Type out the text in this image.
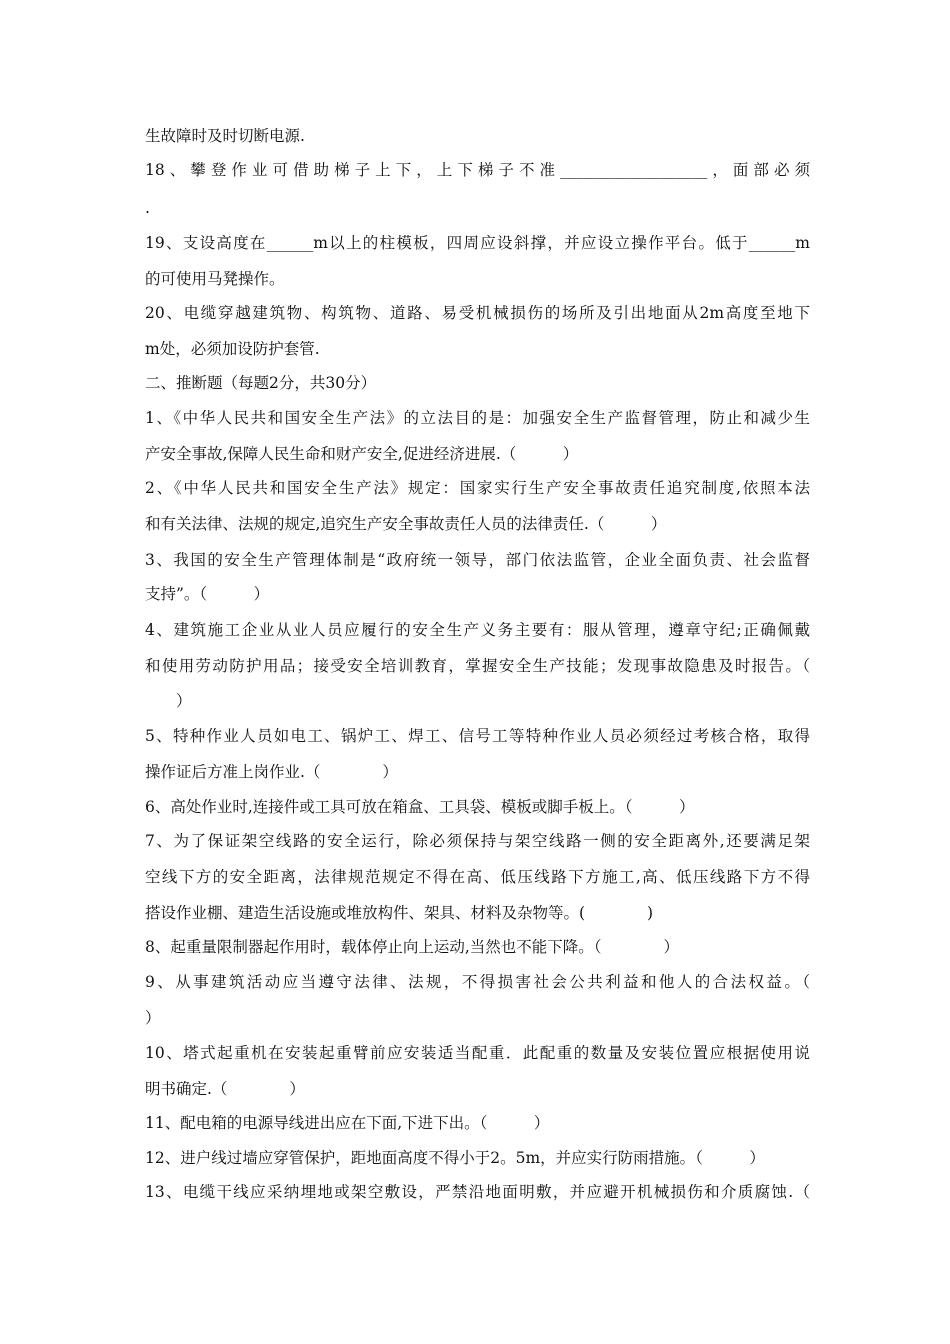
生故障时及时切断电源.
18、攀登作业可借助梯子上下，上下梯子不准___________________，面部必须
.
19、支设高度在______m以上的柱模板，四周应设斜撑，并应设立操作平台。低于______m
的可使用马凳操作。
20、电缆穿越建筑物、构筑物、道路、易受机械损伤的场所及引出地面从2m高度至地下
m处，必须加设防护套管.
二、推断题（每题2分，共30分）
1、《中华人民共和国安全生产法》的立法目的是：加强安全生产监督管理，防止和减少生
产安全事故,保障人民生命和财产安全,促进经济进展.（　　　）
2、《中华人民共和国安全生产法》规定：国家实行生产安全事故责任追究制度,依照本法
和有关法律、法规的规定,追究生产安全事故责任人员的法律责任.（　　　）
3、我国的安全生产管理体制是“政府统一领导，部门依法监管，企业全面负责、社会监督
支持”。（　　　）
4、建筑施工企业从业人员应履行的安全生产义务主要有：服从管理，遵章守纪;正确佩戴
和使用劳动防护用品；接受安全培训教育，掌握安全生产技能；发现事故隐患及时报告。（
　　）
5、特种作业人员如电工、锅炉工、焊工、信号工等特种作业人员必须经过考核合格，取得
操作证后方准上岗作业.（　　　　）
6、高处作业时,连接件或工具可放在箱盒、工具袋、模板或脚手板上。（　　　）
7、为了保证架空线路的安全运行，除必须保持与架空线路一侧的安全距离外,还要满足架
空线下方的安全距离，法律规范规定不得在高、低压线路下方施工,高、低压线路下方不得
搭设作业棚、建造生活设施或堆放构件、架具、材料及杂物等。(　　　　)
8、起重量限制器起作用时，载体停止向上运动,当然也不能下降。（　　　　）
9、从事建筑活动应当遵守法律、法规，不得损害社会公共利益和他人的合法权益。（
）
10、塔式起重机在安装起重臂前应安装适当配重．此配重的数量及安装位置应根据使用说
明书确定.（　　　　）
11、配电箱的电源导线进出应在下面,下进下出。（　　　）
12、进户线过墙应穿管保护，距地面高度不得小于2。5m，并应实行防雨措施。（　　　）
13、电缆干线应采纳埋地或架空敷设，严禁沿地面明敷，并应避开机械损伤和介质腐蚀.（
